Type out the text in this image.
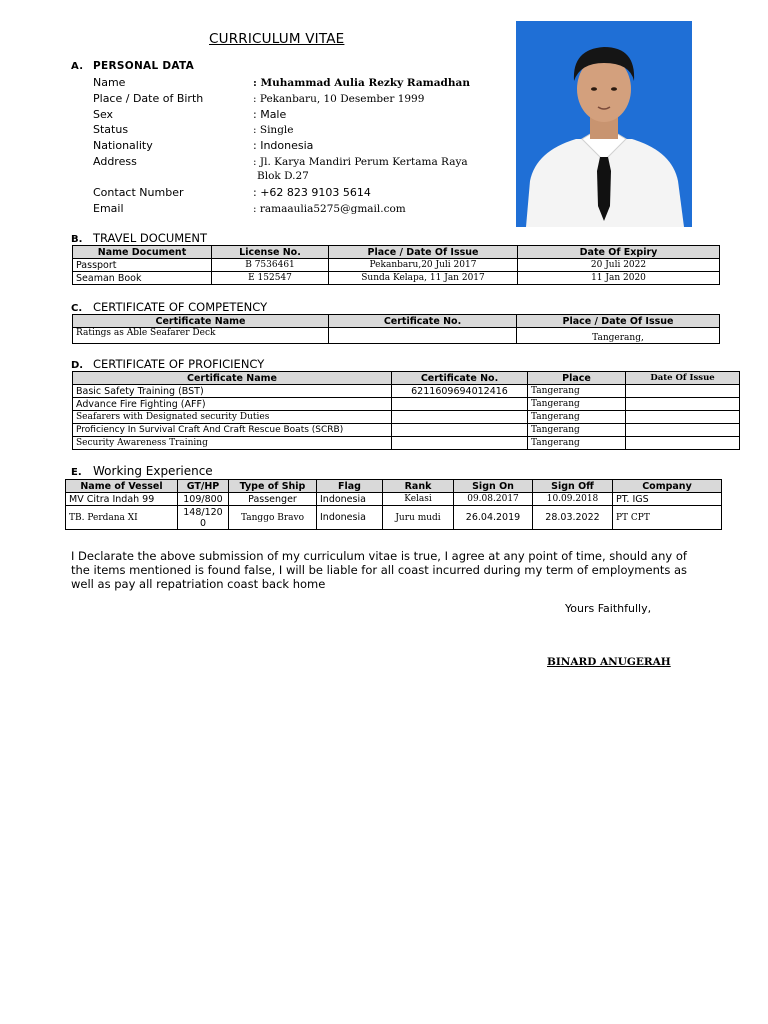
CURRICULUM VITAE
A. PERSONAL DATA
Name	: Muhammad Aulia Rezky Ramadhan
Place / Date of Birth	: Pekanbaru, 10 Desember 1999
Sex	: Male
Status	: Single
Nationality	: Indonesia
Address	: Jl. Karya Mandiri Perum Kertama Raya
Blok D.27
Contact Number	: +62 823 9103 5614
Email	: ramaaulia5275@gmail.com
B. TRAVEL DOCUMENT
Name Document	License No.	Place / Date Of Issue	Date Of Expiry
Passport	B 7536461	Pekanbaru,20 Juli 2017	20 Juli 2022
Seaman Book	E 152547	Sunda Kelapa, 11 Jan 2017	11 Jan 2020
C. CERTIFICATE OF COMPETENCY
Certificate Name	Certificate No.	Place / Date Of Issue
Ratings as Able Seafarer Deck		Tangerang,
D. CERTIFICATE OF PROFICIENCY
Certificate Name	Certificate No.	Place	Date Of Issue
Basic Safety Training (BST)	6211609694012416	Tangerang	
Advance Fire Fighting (AFF)		Tangerang	
Seafarers with Designated security Duties		Tangerang	
Proficiency In Survival Craft And Craft Rescue Boats (SCRB)		Tangerang	
Security Awareness Training		Tangerang	
E. Working Experience
Name of Vessel	GT/HP	Type of Ship	Flag	Rank	Sign On	Sign Off	Company
MV Citra Indah 99	109/800	Passenger	Indonesia	Kelasi	09.08.2017	10.09.2018	PT. IGS
TB. Perdana XI	148/1200	Tanggo Bravo	Indonesia	Juru mudi	26.04.2019	28.03.2022	PT CPT
I Declarate the above submission of my curriculum vitae is true, I agree at any point of time, should any of the items mentioned is found false, I will be liable for all coast incurred during my term of employments as well as pay all repatriation coast back home
Yours Faithfully,
BINARD ANUGERAH
